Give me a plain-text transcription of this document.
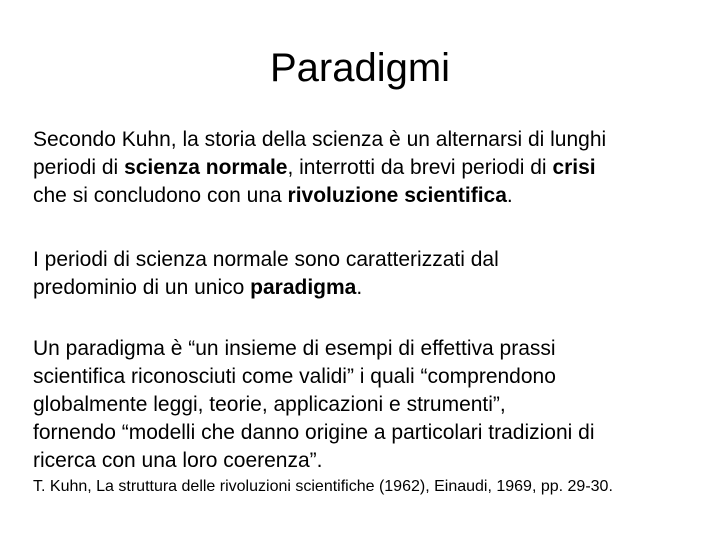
Paradigmi

Secondo Kuhn, la storia della scienza è un alternarsi di lunghi
periodi di scienza normale, interrotti da brevi periodi di crisi
che si concludono con una rivoluzione scientifica.

I periodi di scienza normale sono caratterizzati dal
predominio di un unico paradigma.

Un paradigma è “un insieme di esempi di effettiva prassi
scientifica riconosciuti come validi” i quali “comprendono
globalmente leggi, teorie, applicazioni e strumenti”,
fornendo “modelli che danno origine a particolari tradizioni di
ricerca con una loro coerenza”.

T. Kuhn, La struttura delle rivoluzioni scientifiche (1962), Einaudi, 1969, pp. 29-30.
